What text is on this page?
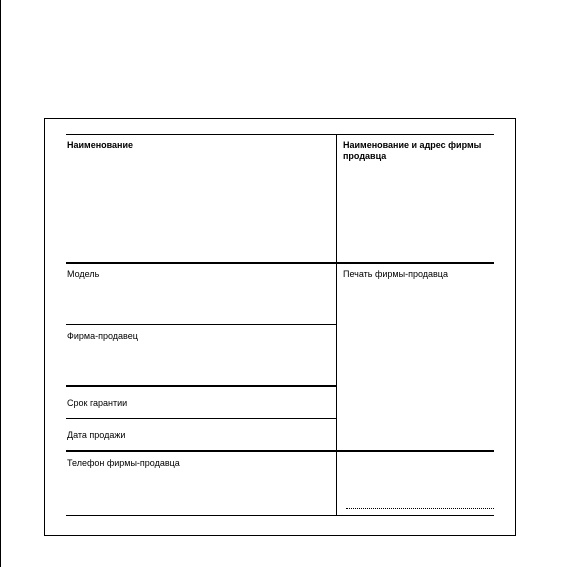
Наименование	Наименование и адрес фирмы продавца
Модель	Печать фирмы-продавца
Фирма-продавец
Срок гарантии
Дата продажи
Телефон фирмы-продавца
